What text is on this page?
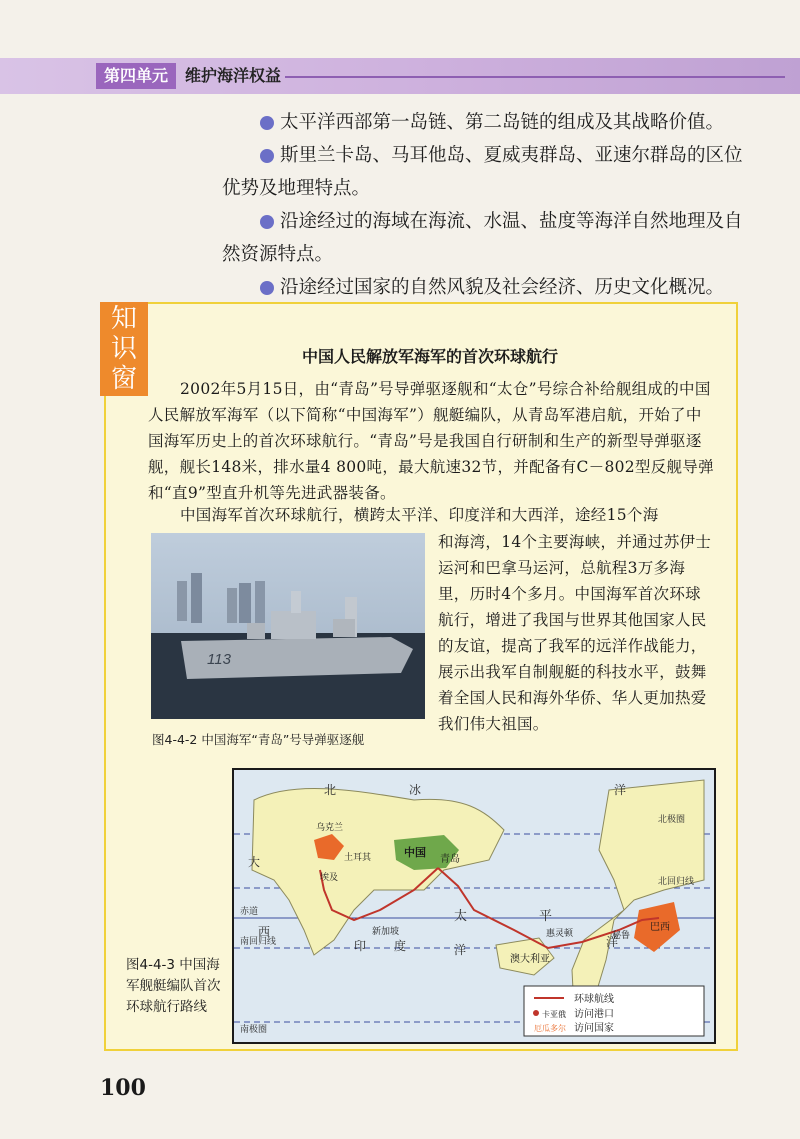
第四单元	维护海洋权益

太平洋西部第一岛链、第二岛链的组成及其战略价值。

斯里兰卡岛、马耳他岛、夏威夷群岛、亚速尔群岛的区位优势及地理特点。

沿途经过的海域在海流、水温、盐度等海洋自然地理及自然资源特点。

沿途经过国家的自然风貌及社会经济、历史文化概况。

知
识
窗
中国人民解放军海军的首次环球航行
2002年5月15日，由“青岛”号导弹驱逐舰和“太仓”号综合补给舰组成的中国人民解放军海军（以下简称“中国海军”）舰艇编队，从青岛军港启航，开始了中国海军历史上的首次环球航行。“青岛”号是我国自行研制和生产的新型导弹驱逐舰，舰长148米，排水量4 800吨，最大航速32节，并配备有C－802型反舰导弹和“直9”型直升机等先进武器装备。
中国海军首次环球航行，横跨太平洋、印度洋和大西洋，途经15个海
和海湾，14个主要海峡，并通过苏伊士运河和巴拿马运河，总航程3万多海里，历时4个多月。中国海军首次环球航行，增进了我国与世界其他国家人民的友谊，提高了我军的远洋作战能力，展示出我军自制舰艇的科技水平，鼓舞着全国人民和海外华侨、华人更加热爱我们伟大祖国。
113
图4-4-2 中国海军“青岛”号导弹驱逐舰
北	冰	洋
大
太	平
西
印 度	洋
洋
北极圈
北回归线
赤道
南回归线
南极圈
中国
青岛
澳大利亚
巴西
秘鲁
新加坡	惠灵顿
乌克兰
土耳其
埃及
环球航线
卡亚俄 访问港口
厄瓜多尔 访问国家
图4-4-3 中国海军舰艇编队首次环球航行路线
100
